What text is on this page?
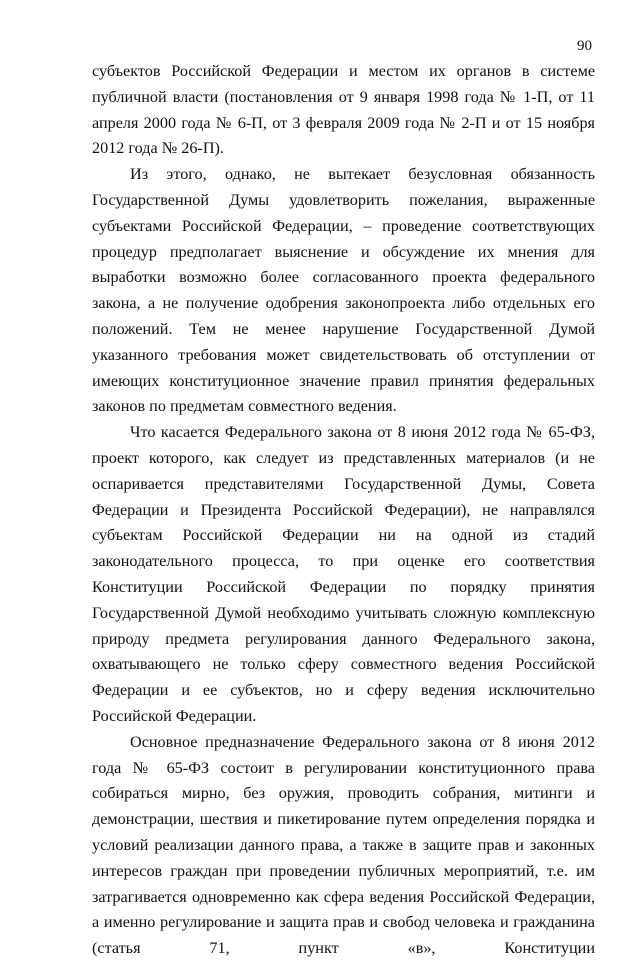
90

субъектов Российской Федерации и местом их органов в системе публичной власти (постановления от 9 января 1998 года № 1-П, от 11 апреля 2000 года № 6-П, от 3 февраля 2009 года № 2-П и от 15 ноября 2012 года № 26-П).

Из этого, однако, не вытекает безусловная обязанность Государственной Думы удовлетворить пожелания, выраженные субъектами Российской Федерации, – проведение соответствующих процедур предполагает выяснение и обсуждение их мнения для выработки возможно более согласованного проекта федерального закона, а не получение одобрения законопроекта либо отдельных его положений. Тем не менее нарушение Государственной Думой указанного требования может свидетельствовать об отступлении от имеющих конституционное значение правил принятия федеральных законов по предметам совместного ведения.

Что касается Федерального закона от 8 июня 2012 года № 65-ФЗ, проект которого, как следует из представленных материалов (и не оспаривается представителями Государственной Думы, Совета Федерации и Президента Российской Федерации), не направлялся субъектам Российской Федерации ни на одной из стадий законодательного процесса, то при оценке его соответствия Конституции Российской Федерации по порядку принятия Государственной Думой необходимо учитывать сложную комплексную природу предмета регулирования данного Федерального закона, охватывающего не только сферу совместного ведения Российской Федерации и ее субъектов, но и сферу ведения исключительно Российской Федерации.

Основное предназначение Федерального закона от 8 июня 2012 года № 65-ФЗ состоит в регулировании конституционного права собираться мирно, без оружия, проводить собрания, митинги и демонстрации, шествия и пикетирование путем определения порядка и условий реализации данного права, а также в защите прав и законных интересов граждан при проведении публичных мероприятий, т.е. им затрагивается одновременно как сфера ведения Российской Федерации, а именно регулирование и защита прав и свобод человека и гражданина (статья 71, пункт «в», Конституции
